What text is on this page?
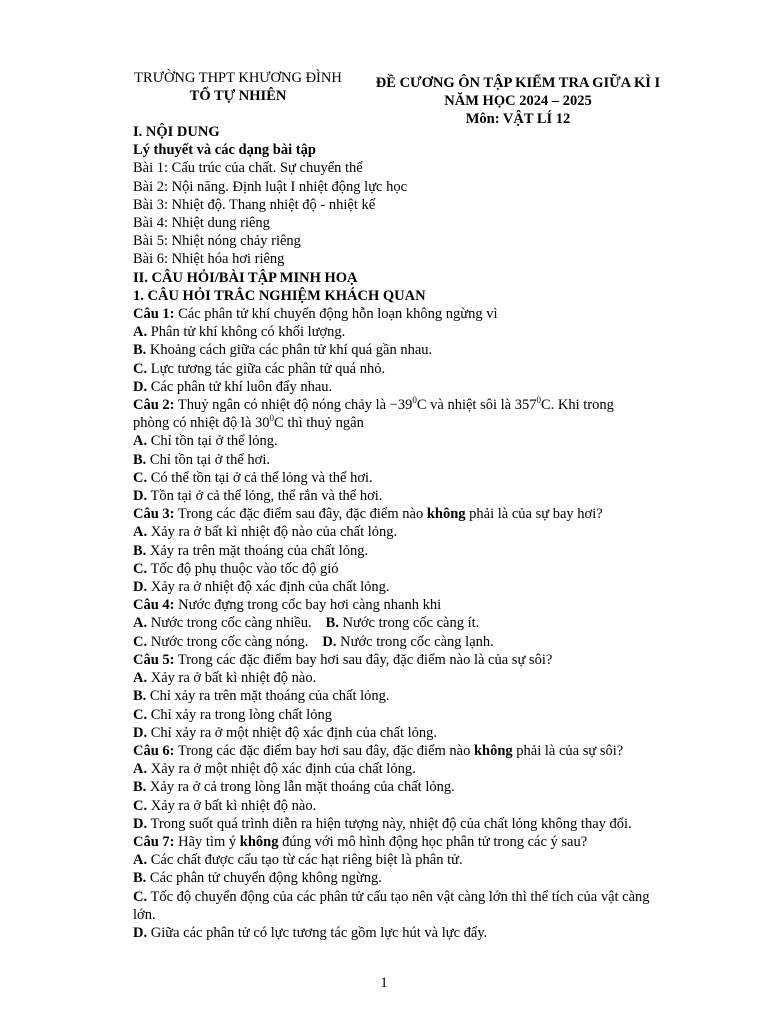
TRƯỜNG THPT KHƯƠNG ĐÌNH
TỔ TỰ NHIÊN
ĐỀ CƯƠNG ÔN TẬP KIỂM TRA GIỮA KÌ I
NĂM HỌC 2024 – 2025
Môn: VẬT LÍ 12
I. NỘI DUNG
Lý thuyết và các dạng bài tập
Bài 1: Cấu trúc của chất. Sự chuyển thể
Bài 2: Nội năng. Định luật I nhiệt động lực học
Bài 3: Nhiệt độ. Thang nhiệt độ - nhiệt kế
Bài 4: Nhiệt dung riêng
Bài 5: Nhiệt nóng chảy riêng
Bài 6: Nhiệt hóa hơi riêng
II. CÂU HỎI/BÀI TẬP MINH HOẠ
1. CÂU HỎI TRẮC NGHIỆM KHÁCH QUAN
Câu 1: Các phân tử khí chuyển động hỗn loạn không ngừng vì
A. Phân tử khí không có khối lượng.
B. Khoảng cách giữa các phân tử khí quá gần nhau.
C. Lực tương tác giữa các phân tử quá nhỏ.
D. Các phân tử khí luôn đẩy nhau.
Câu 2: Thuỷ ngân có nhiệt độ nóng chảy là $-39^0C$ và nhiệt sôi là $357^0C$. Khi trong
phòng có nhiệt độ là $30^0C$ thì thuỷ ngân
A. Chỉ tồn tại ở thể lỏng.
B. Chỉ tồn tại ở thể hơi.
C. Có thể tồn tại ở cả thể lỏng và thể hơi.
D. Tồn tại ở cả thể lỏng, thể rắn và thể hơi.
Câu 3: Trong các đặc điểm sau đây, đặc điểm nào không phải là của sự bay hơi?
A. Xảy ra ở bất kì nhiệt độ nào của chất lỏng.
B. Xảy ra trên mặt thoáng của chất lỏng.
C. Tốc độ phụ thuộc vào tốc độ gió
D. Xảy ra ở nhiệt độ xác định của chất lỏng.
Câu 4: Nước đựng trong cốc bay hơi càng nhanh khi
A. Nước trong cốc càng nhiều. B. Nước trong cốc càng ít.
C. Nước trong cốc càng nóng. D. Nước trong cốc càng lạnh.
Câu 5: Trong các đặc điểm bay hơi sau đây, đặc điểm nào là của sự sôi?
A. Xảy ra ở bất kì nhiệt độ nào.
B. Chỉ xảy ra trên mặt thoáng của chất lỏng.
C. Chỉ xảy ra trong lòng chất lỏng
D. Chỉ xảy ra ở một nhiệt độ xác định của chất lỏng.
Câu 6: Trong các đặc điểm bay hơi sau đây, đặc điểm nào không phải là của sự sôi?
A. Xảy ra ở một nhiệt độ xác định của chất lỏng.
B. Xảy ra ở cả trong lòng lẫn mặt thoáng của chất lỏng.
C. Xảy ra ở bất kì nhiệt độ nào.
D. Trong suốt quá trình diễn ra hiện tượng này, nhiệt độ của chất lỏng không thay đổi.
Câu 7: Hãy tìm ý không đúng với mô hình động học phân tử trong các ý sau?
A. Các chất được cấu tạo từ các hạt riêng biệt là phân tử.
B. Các phân tử chuyển động không ngừng.
C. Tốc độ chuyển động của các phân tử cấu tạo nên vật càng lớn thì thể tích của vật càng lớn.
D. Giữa các phân tử có lực tương tác gồm lực hút và lực đẩy.
1
